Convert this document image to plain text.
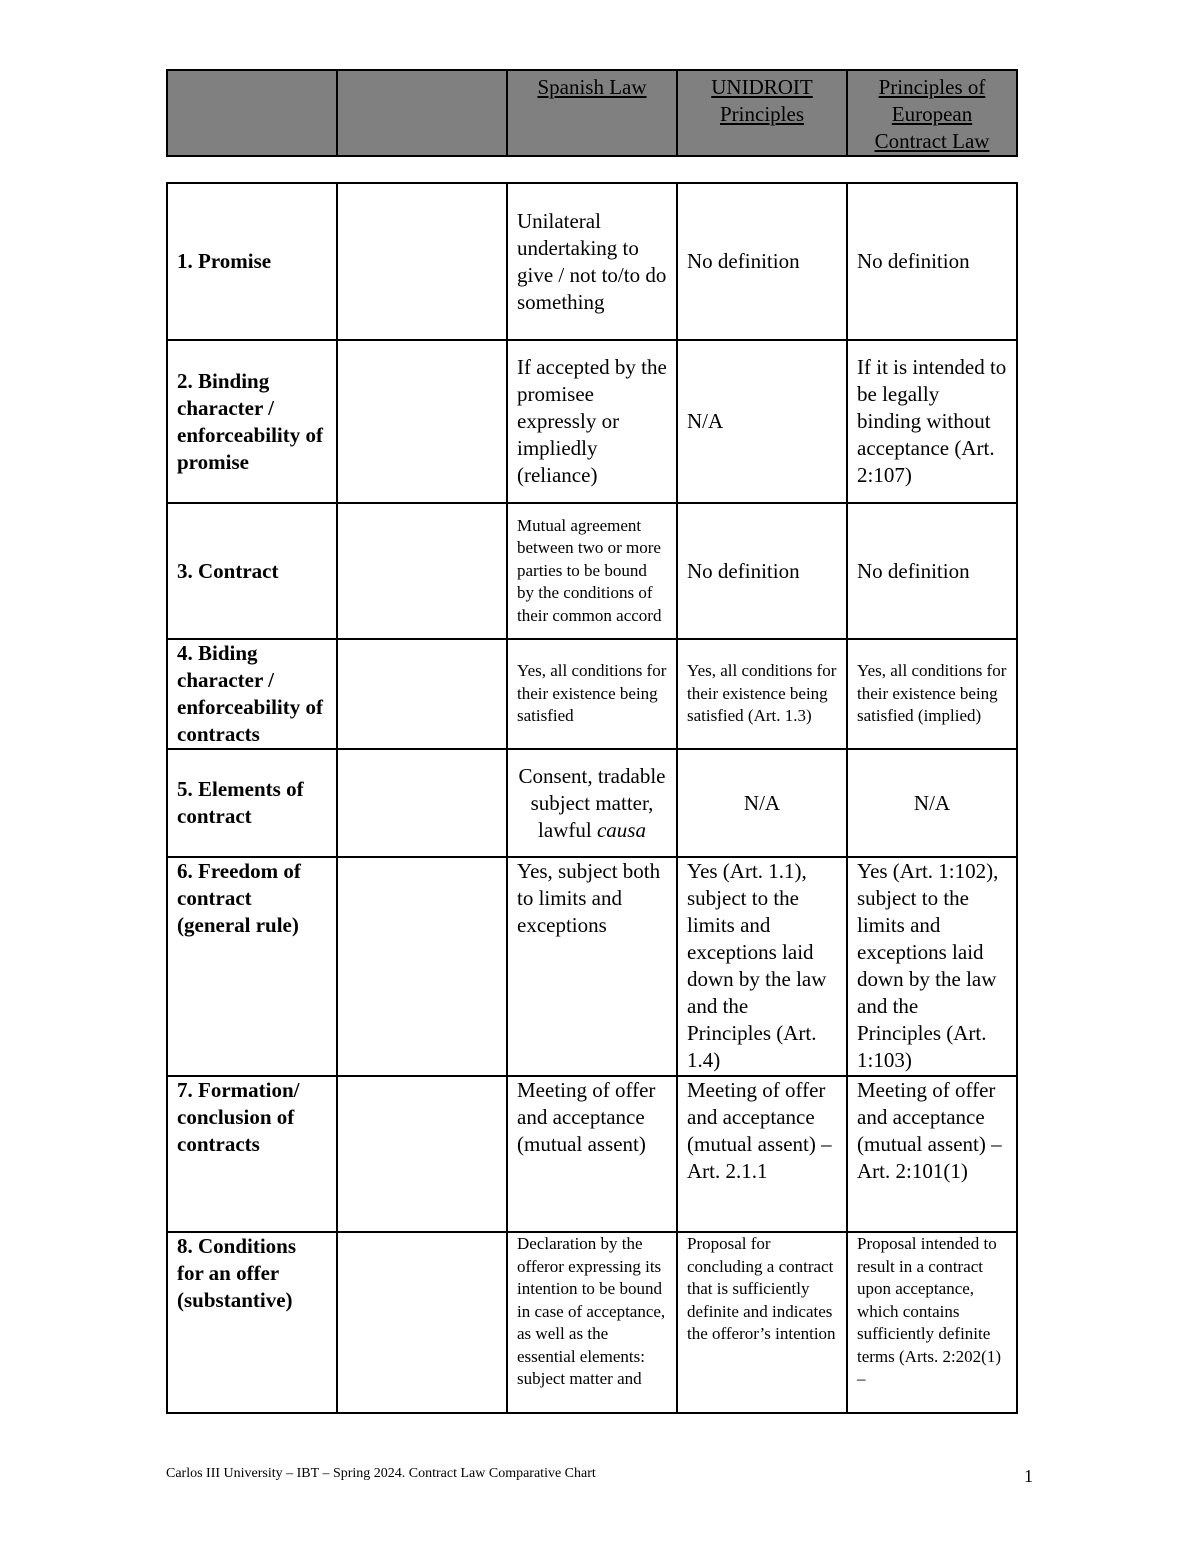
		Spanish Law	UNIDROIT Principles	Principles of European Contract Law
1. Promise		Unilateral undertaking to give / not to/to do something	No definition	No definition
2. Binding character / enforceability of promise		If accepted by the promisee expressly or impliedly (reliance)	N/A	If it is intended to be legally binding without acceptance (Art. 2:107)
3. Contract		Mutual agreement between two or more parties to be bound by the conditions of their common accord	No definition	No definition
4. Biding character / enforceability of contracts		Yes, all conditions for their existence being satisfied	Yes, all conditions for their existence being satisfied (Art. 1.3)	Yes, all conditions for their existence being satisfied (implied)
5. Elements of contract		Consent, tradable subject matter, lawful causa	N/A	N/A
6. Freedom of contract (general rule)		Yes, subject both to limits and exceptions	Yes (Art. 1.1), subject to the limits and exceptions laid down by the law and the Principles (Art. 1.4)	Yes (Art. 1:102), subject to the limits and exceptions laid down by the law and the Principles (Art. 1:103)
7. Formation/ conclusion of contracts		Meeting of offer and acceptance (mutual assent)	Meeting of offer and acceptance (mutual assent) – Art. 2.1.1	Meeting of offer and acceptance (mutual assent) – Art. 2:101(1)
8. Conditions for an offer (substantive)		Declaration by the offeror expressing its intention to be bound in case of acceptance, as well as the essential elements: subject matter and	Proposal for concluding a contract that is sufficiently definite and indicates the offeror’s intention	Proposal intended to result in a contract upon acceptance, which contains sufficiently definite terms (Arts. 2:202(1) –
Carlos III University – IBT – Spring 2024. Contract Law Comparative Chart	1
